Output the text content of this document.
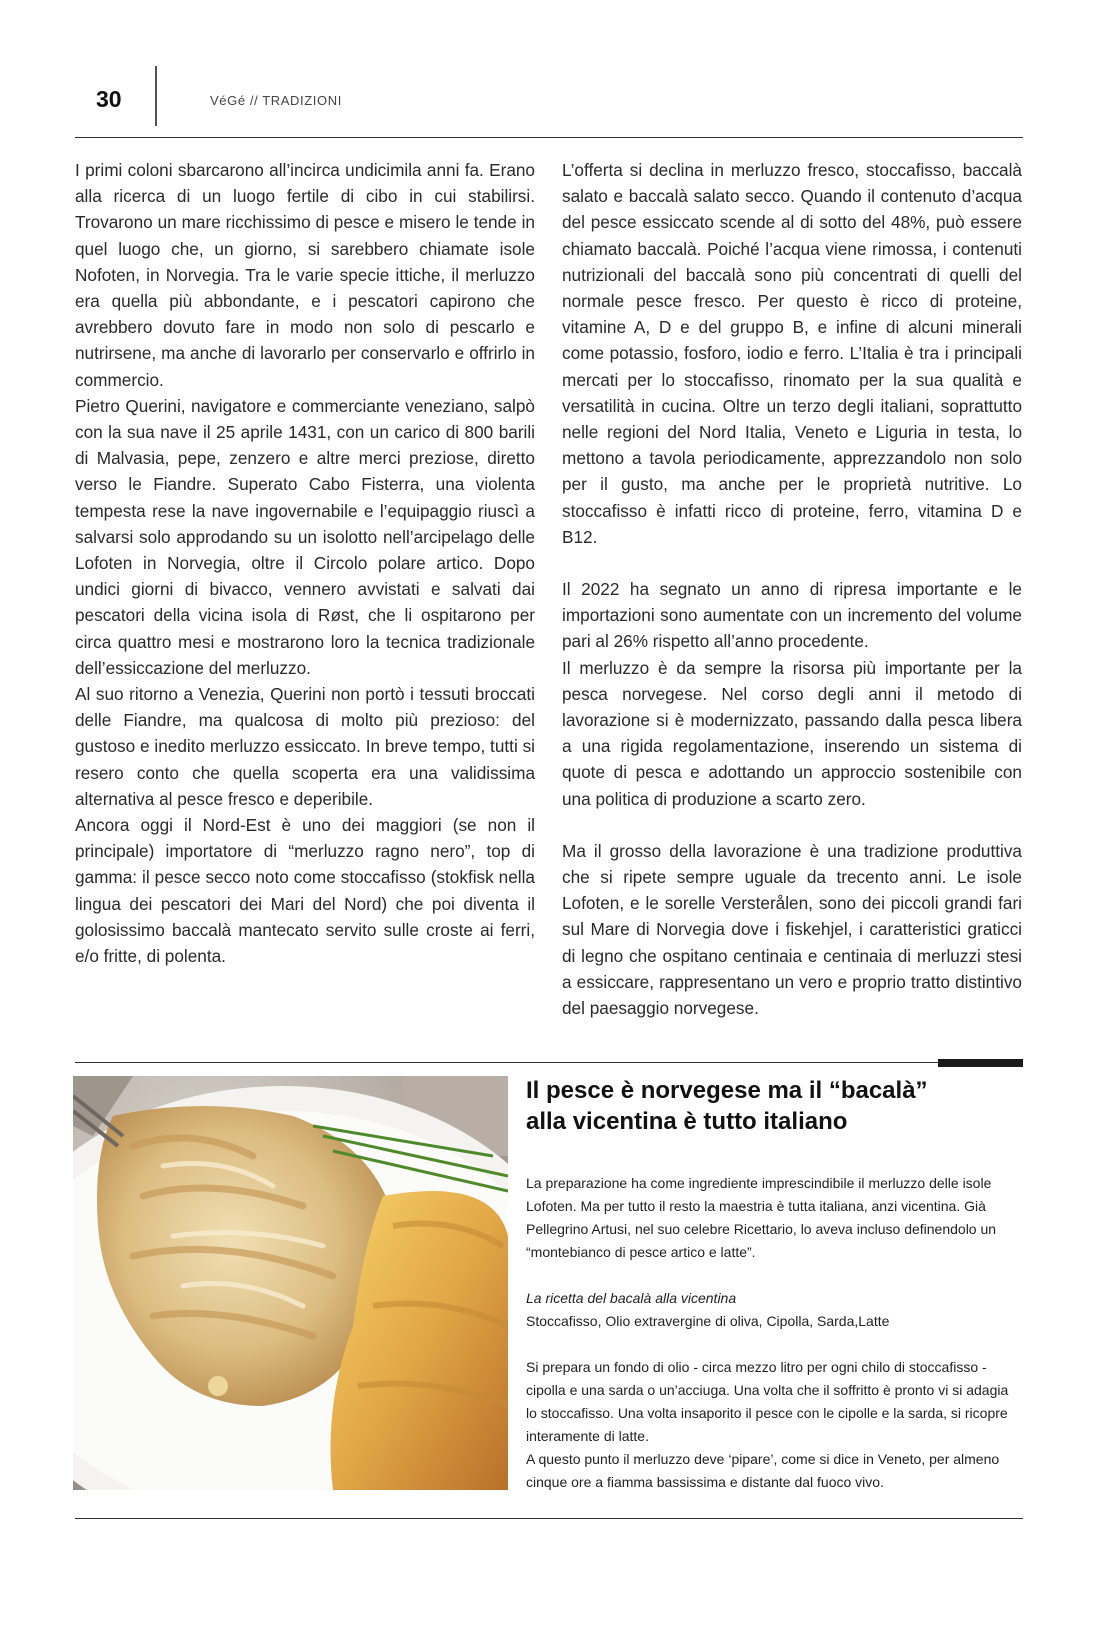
30	VéGé // TRADIZIONI

I primi coloni sbarcarono all’incirca undicimila anni fa. Erano alla ricerca di un luogo fertile di cibo in cui stabilirsi. Trovarono un mare ricchissimo di pesce e misero le tende in quel luogo che, un giorno, si sarebbero chiamate isole Nofoten, in Norvegia. Tra le varie specie ittiche, il merluzzo era quella più abbondante, e i pescatori capirono che avrebbero dovuto fare in modo non solo di pescarlo e nutrirsene, ma anche di lavorarlo per conservarlo e offrirlo in commercio.

Pietro Querini, navigatore e commerciante veneziano, salpò con la sua nave il 25 aprile 1431, con un carico di 800 barili di Malvasia, pepe, zenzero e altre merci preziose, diretto verso le Fiandre. Superato Cabo Fisterra, una violenta tempesta rese la nave ingovernabile e l’equipaggio riuscì a salvarsi solo approdando su un isolotto nell’arcipelago delle Lofoten in Norvegia, oltre il Circolo polare artico. Dopo undici giorni di bivacco, vennero avvistati e salvati dai pescatori della vicina isola di Røst, che li ospitarono per circa quattro mesi e mostrarono loro la tecnica tradizionale dell’essiccazione del merluzzo.

Al suo ritorno a Venezia, Querini non portò i tessuti broccati delle Fiandre, ma qualcosa di molto più prezioso: del gustoso e inedito merluzzo essiccato. In breve tempo, tutti si resero conto che quella scoperta era una validissima alternativa al pesce fresco e deperibile.

Ancora oggi il Nord-Est è uno dei maggiori (se non il principale) importatore di “merluzzo ragno nero”, top di gamma: il pesce secco noto come stoccafisso (stokfisk nella lingua dei pescatori dei Mari del Nord) che poi diventa il golosissimo baccalà mantecato servito sulle croste ai ferri, e/o fritte, di polenta.

L’offerta si declina in merluzzo fresco, stoccafisso, baccalà salato e baccalà salato secco. Quando il contenuto d’acqua del pesce essiccato scende al di sotto del 48%, può essere chiamato baccalà. Poiché l’acqua viene rimossa, i contenuti nutrizionali del baccalà sono più concentrati di quelli del normale pesce fresco. Per questo è ricco di proteine, vitamine A, D e del gruppo B, e infine di alcuni minerali come potassio, fosforo, iodio e ferro. L’Italia è tra i principali mercati per lo stoccafisso, rinomato per la sua qualità e versatilità in cucina. Oltre un terzo degli italiani, soprattutto nelle regioni del Nord Italia, Veneto e Liguria in testa, lo mettono a tavola periodicamente, apprezzandolo non solo per il gusto, ma anche per le proprietà nutritive. Lo stoccafisso è infatti ricco di proteine, ferro, vitamina D e B12.

Il 2022 ha segnato un anno di ripresa importante e le importazioni sono aumentate con un incremento del volume pari al 26% rispetto all’anno procedente.

Il merluzzo è da sempre la risorsa più importante per la pesca norvegese. Nel corso degli anni il metodo di lavorazione si è modernizzato, passando dalla pesca libera a una rigida regolamentazione, inserendo un sistema di quote di pesca e adottando un approccio sostenibile con una politica di produzione a scarto zero.

Ma il grosso della lavorazione è una tradizione produttiva che si ripete sempre uguale da trecento anni. Le isole Lofoten, e le sorelle Versterålen, sono dei piccoli grandi fari sul Mare di Norvegia dove i fiskehjel, i caratteristici graticci di legno che ospitano centinaia e centinaia di merluzzi stesi a essiccare, rappresentano un vero e proprio tratto distintivo del paesaggio norvegese.

Il pesce è norvegese ma il “bacalà”
alla vicentina è tutto italiano

La preparazione ha come ingrediente imprescindibile il merluzzo delle isole Lofoten. Ma per tutto il resto la maestria è tutta italiana, anzi vicentina. Già Pellegrino Artusi, nel suo celebre Ricettario, lo aveva incluso definendolo un “montebianco di pesce artico e latte”.

La ricetta del bacalà alla vicentina

Stoccafisso, Olio extravergine di oliva, Cipolla, Sarda,Latte

Si prepara un fondo di olio - circa mezzo litro per ogni chilo di stoccafisso - cipolla e una sarda o un’acciuga. Una volta che il soffritto è pronto vi si adagia lo stoccafisso. Una volta insaporito il pesce con le cipolle e la sarda, si ricopre interamente di latte.

A questo punto il merluzzo deve ‘pipare’, come si dice in Veneto, per almeno cinque ore a fiamma bassissima e distante dal fuoco vivo.
